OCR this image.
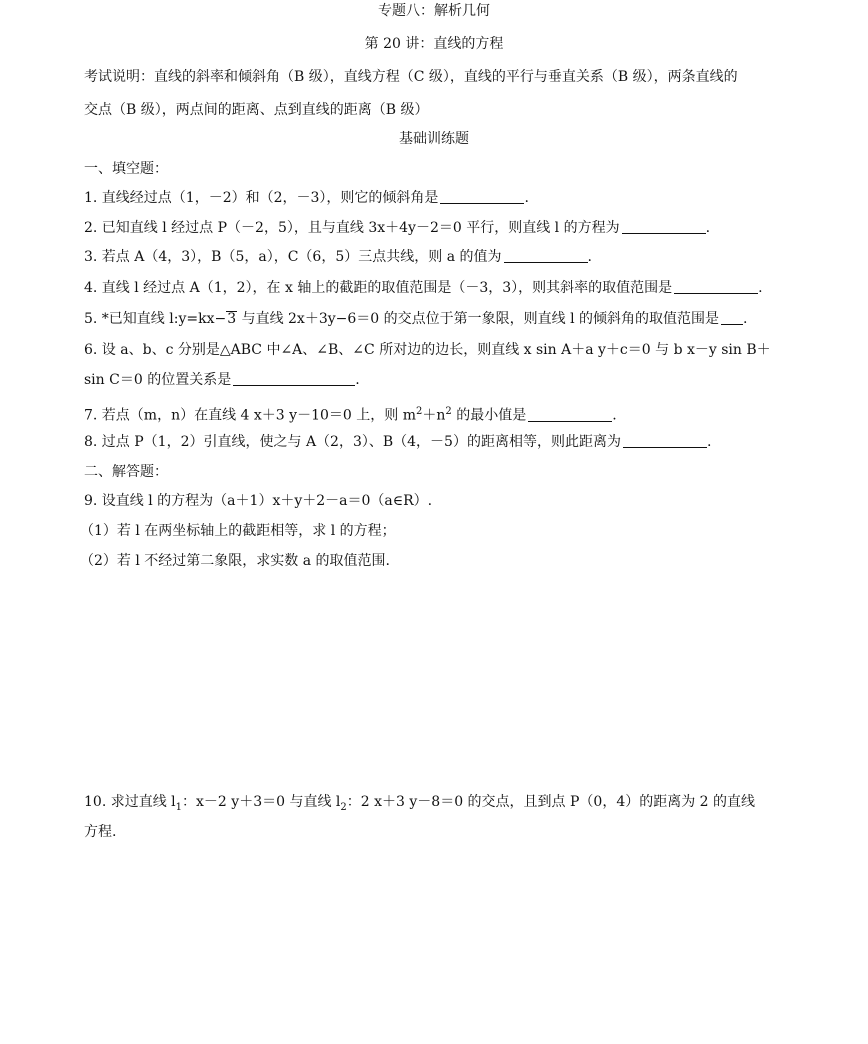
专题八：解析几何
第 20 讲：直线的方程
考试说明：直线的斜率和倾斜角（B 级），直线方程（C 级），直线的平行与垂直关系（B 级），两条直线的
交点（B 级），两点间的距离、点到直线的距离（B 级）
基础训练题
一、填空题：
1. 直线经过点（1，－2）和（2，－3），则它的倾斜角是	.
2. 已知直线 l 经过点 P（－2，5），且与直线 3x＋4y－2＝0 平行，则直线 l 的方程为	.
3. 若点 A（4，3），B（5，a），C（6，5）三点共线，则 a 的值为	.
4. 直线 l 经过点 A（1，2），在 x 轴上的截距的取值范围是（－3，3），则其斜率的取值范围是	.
5. *已知直线 l:y=kx−3 与直线 2x＋3y−6＝0 的交点位于第一象限，则直线 l 的倾斜角的取值范围是 .
6. 设 a、b、c 分别是△ABC 中∠A、∠B、∠C 所对边的边长，则直线 x sin A＋a y＋c＝0 与 b x－y sin B＋
sin C＝0 的位置关系是	.
7. 若点（m，n）在直线 4 x＋3 y－10＝0 上，则 $m^2+n^2$ 的最小值是	.
8. 过点 P（1，2）引直线，使之与 A（2，3）、B（4，－5）的距离相等，则此距离为	.
二、解答题：
9. 设直线 l 的方程为（a＋1）x＋y＋2－a＝0（a∈R）.
（1）若 l 在两坐标轴上的截距相等，求 l 的方程；
（2）若 l 不经过第二象限，求实数 a 的取值范围.
10. 求过直线 $l_1$：x－2 y＋3＝0 与直线 $l_2$：2 x＋3 y－8＝0 的交点，且到点 P（0，4）的距离为 2 的直线
方程.
